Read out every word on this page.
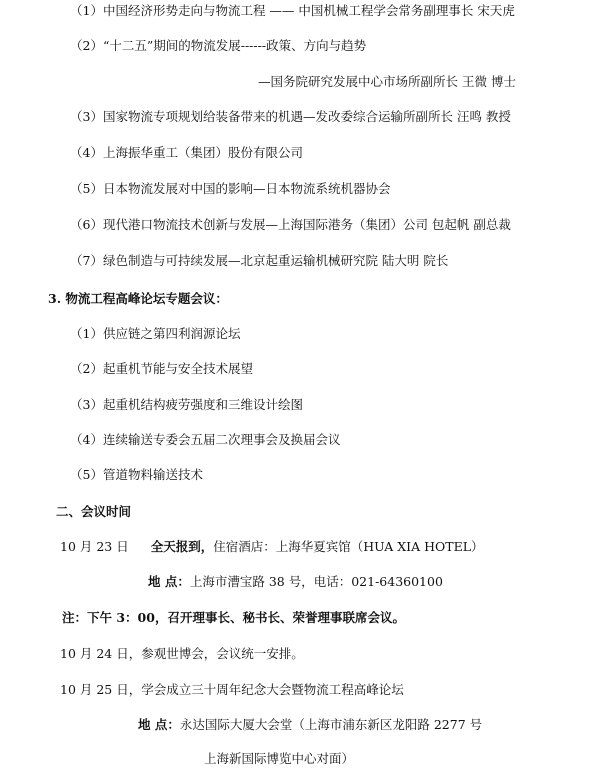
（1）中国经济形势走向与物流工程 —— 中国机械工程学会常务副理事长 宋天虎
（2）“十二五”期间的物流发展------政策、方向与趋势
—国务院研究发展中心市场所副所长 王微 博士
（3）国家物流专项规划给装备带来的机遇—发改委综合运输所副所长 汪鸣 教授
（4）上海振华重工（集团）股份有限公司
（5）日本物流发展对中国的影响—日本物流系统机器协会
（6）现代港口物流技术创新与发展—上海国际港务（集团）公司 包起帆 副总裁
（7）绿色制造与可持续发展—北京起重运输机械研究院 陆大明 院长
3. 物流工程高峰论坛专题会议：
（1）供应链之第四利润源论坛
（2）起重机节能与安全技术展望
（3）起重机结构疲劳强度和三维设计绘图
（4）连续输送专委会五届二次理事会及换届会议
（5）管道物料输送技术
二、会议时间
10 月 23 日 全天报到，住宿酒店：上海华夏宾馆（HUA XIA HOTEL）
地 点：上海市漕宝路 38 号，电话：021-64360100
注：下午 3：00，召开理事长、秘书长、荣誉理事联席会议。
10 月 24 日，参观世博会，会议统一安排。
10 月 25 日，学会成立三十周年纪念大会暨物流工程高峰论坛
地 点：永达国际大厦大会堂（上海市浦东新区龙阳路 2277 号
上海新国际博览中心对面）
